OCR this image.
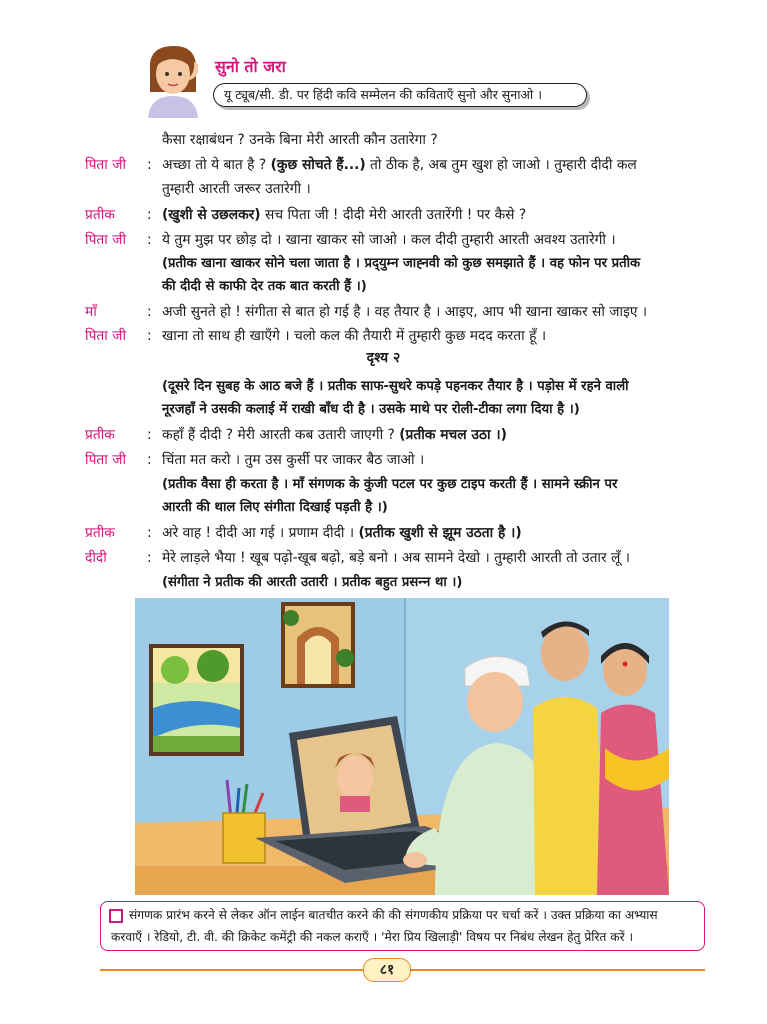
सुनो तो जरा
यू ट्यूब/सी. डी. पर हिंदी कवि सम्मेलन की कविताएँ सुनो और सुनाओ ।
कैसा रक्षाबंधन ? उनके बिना मेरी आरती कौन उतारेगा ?
पिता जी	: अच्छा तो ये बात है ? (कुछ सोचते हैं...) तो ठीक है, अब तुम खुश हो जाओ । तुम्हारी दीदी कल
तुम्हारी आरती जरूर उतारेगी ।
प्रतीक	: (खुशी से उछलकर) सच पिता जी ! दीदी मेरी आरती उतारेंगी ! पर कैसे ?
पिता जी	: ये तुम मुझ पर छोड़ दो । खाना खाकर सो जाओ । कल दीदी तुम्हारी आरती अवश्य उतारेगी ।
(प्रतीक खाना खाकर सोने चला जाता है । प्रद्‍युम्न जाह्‍नवी को कुछ समझाते हैं । वह फोन पर प्रतीक
की दीदी से काफी देर तक बात करती हैं ।)
माँ	: अजी सुनते हो ! संगीता से बात हो गई है । वह तैयार है । आइए, आप भी खाना खाकर सो जाइए ।
पिता जी	: खाना तो साथ ही खाएँगे । चलो कल की तैयारी में तुम्हारी कुछ मदद करता हूँ ।
दृश्य २
(दूसरे दिन सुबह के आठ बजे हैं । प्रतीक साफ-सुथरे कपड़े पहनकर तैयार है । पड़ोस में रहने वाली
नूरजहाँ ने उसकी कलाई में राखी बाँध दी है । उसके माथे पर रोली-टीका लगा दिया है ।)
प्रतीक	: कहाँ हैं दीदी ? मेरी आरती कब उतारी जाएगी ? (प्रतीक मचल उठा ।)
पिता जी	: चिंता मत करो । तुम उस कुर्सी पर जाकर बैठ जाओ ।
(प्रतीक वैसा ही करता है । माँ संगणक के कुंजी पटल पर कुछ टाइप करती हैं । सामने स्क्रीन पर
आरती की थाल लिए संगीता दिखाई पड़ती है ।)
प्रतीक	: अरे वाह ! दीदी आ गई । प्रणाम दीदी । (प्रतीक खुशी से झूम उठता है ।)
दीदी	: मेरे लाड़ले भैया ! खूब पढ़ो-खूब बढ़ो, बड़े बनो । अब सामने देखो । तुम्हारी आरती तो उतार लूँ ।
(संगीता ने प्रतीक की आरती उतारी । प्रतीक बहुत प्रसन्‍न था ।)
संगणक प्रारंभ करने से लेकर ऑन लाईन बातचीत करने की की संगणकीय प्रक्रिया पर चर्चा करें । उक्त प्रक्रिया का अभ्यास
करवाएँ । रेडियो, टी. वी. की क्रिकेट कमेंट्री की नकल कराएँ । 'मेरा प्रिय खिलाड़ी' विषय पर निबंध लेखन हेतु प्रेरित करें ।
८१
